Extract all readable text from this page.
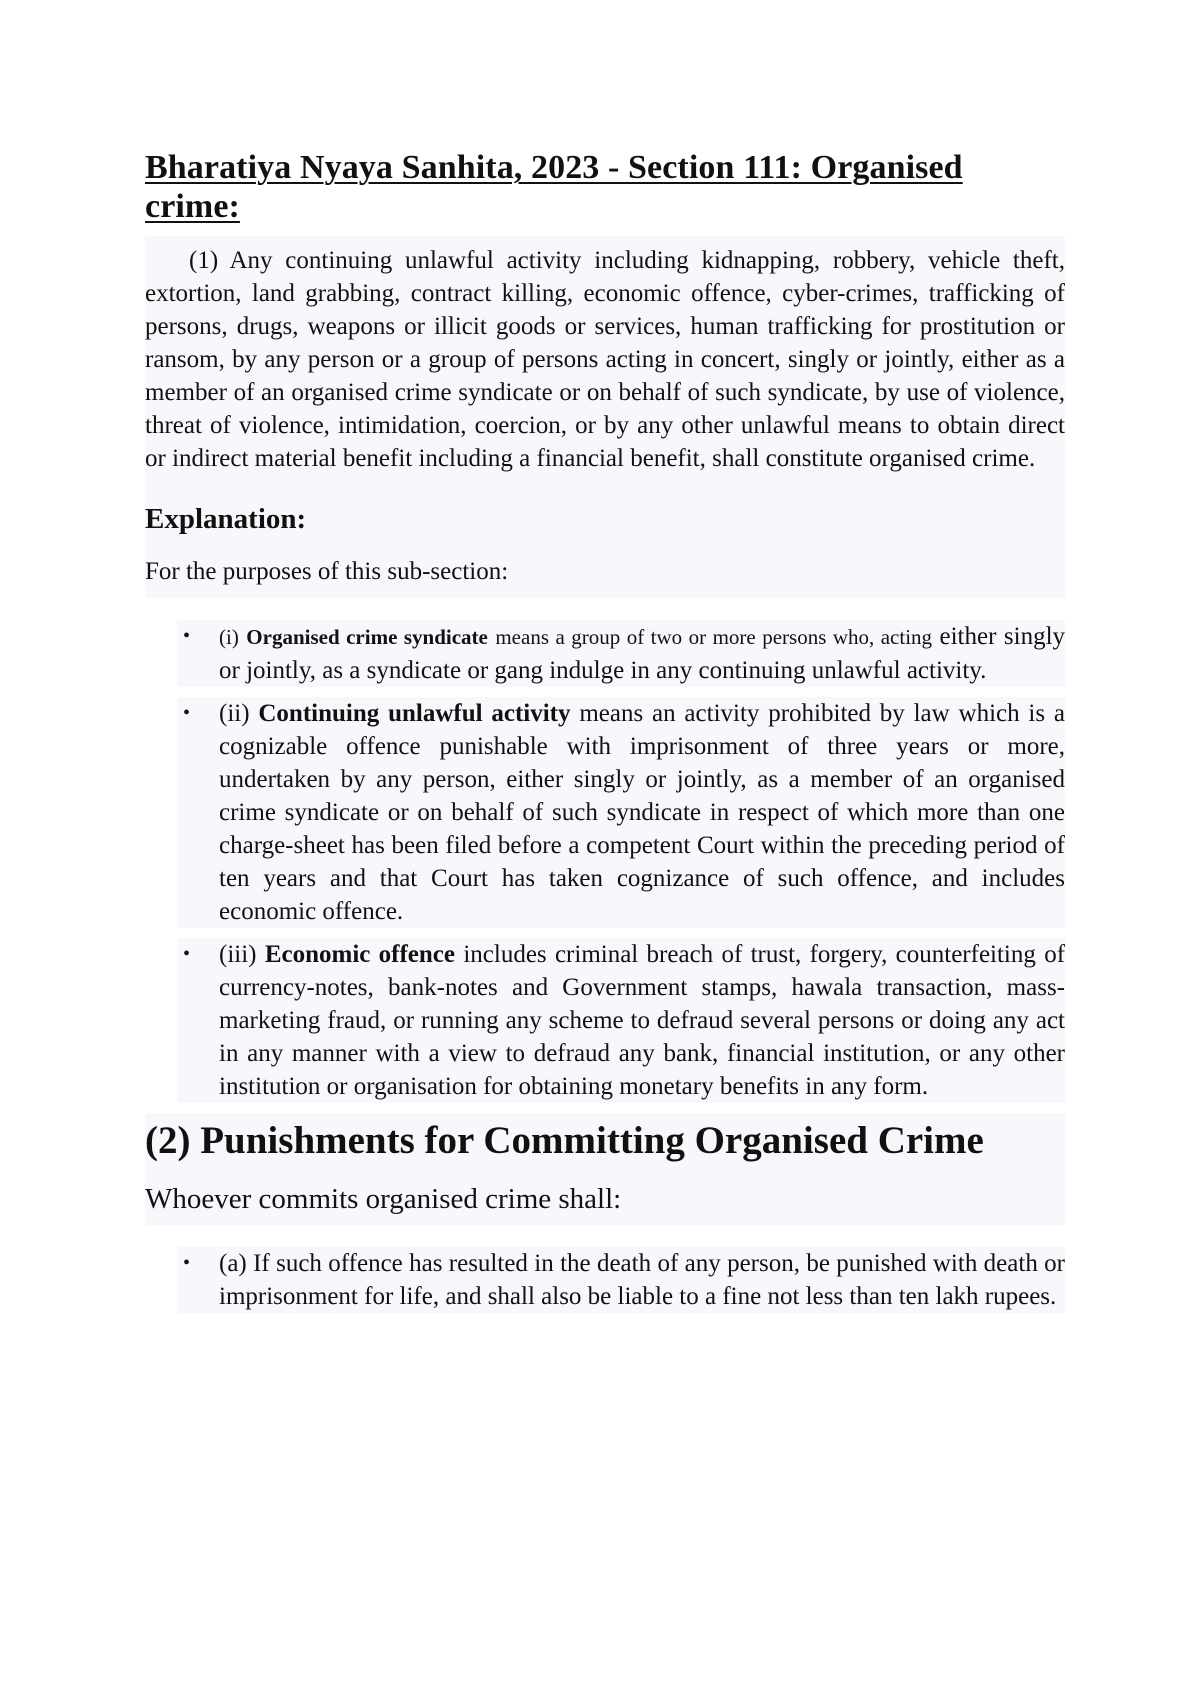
Bharatiya Nyaya Sanhita, 2023 - Section 111: Organised crime:

(1) Any continuing unlawful activity including kidnapping, robbery, vehicle theft, extortion, land grabbing, contract killing, economic offence, cyber-crimes, trafficking of persons, drugs, weapons or illicit goods or services, human trafficking for prostitution or ransom, by any person or a group of persons acting in concert, singly or jointly, either as a member of an organised crime syndicate or on behalf of such syndicate, by use of violence, threat of violence, intimidation, coercion, or by any other unlawful means to obtain direct or indirect material benefit including a financial benefit, shall constitute organised crime.

Explanation:

For the purposes of this sub-section:

• (i) Organised crime syndicate means a group of two or more persons who, acting either singly or jointly, as a syndicate or gang indulge in any continuing unlawful activity.
• (ii) Continuing unlawful activity means an activity prohibited by law which is a cognizable offence punishable with imprisonment of three years or more, undertaken by any person, either singly or jointly, as a member of an organised crime syndicate or on behalf of such syndicate in respect of which more than one charge-sheet has been filed before a competent Court within the preceding period of ten years and that Court has taken cognizance of such offence, and includes economic offence.
• (iii) Economic offence includes criminal breach of trust, forgery, counterfeiting of currency-notes, bank-notes and Government stamps, hawala transaction, mass-marketing fraud, or running any scheme to defraud several persons or doing any act in any manner with a view to defraud any bank, financial institution, or any other institution or organisation for obtaining monetary benefits in any form.
(2) Punishments for Committing Organised Crime

Whoever commits organised crime shall:

• (a) If such offence has resulted in the death of any person, be punished with death or imprisonment for life, and shall also be liable to a fine not less than ten lakh rupees.
